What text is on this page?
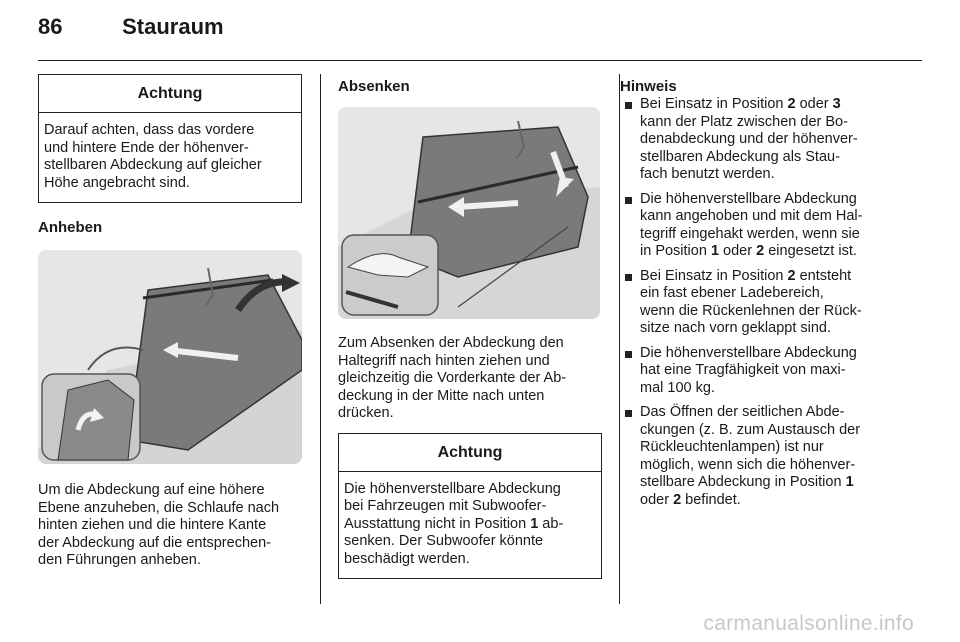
86	Stauraum
Achtung
Darauf achten, dass das vordere
und hintere Ende der höhenver-
stellbaren Abdeckung auf gleicher
Höhe angebracht sind.
Anheben
Um die Abdeckung auf eine höhere
Ebene anzuheben, die Schlaufe nach
hinten ziehen und die hintere Kante
der Abdeckung auf die entsprechen-
den Führungen anheben.
Absenken
Zum Absenken der Abdeckung den
Haltegriff nach hinten ziehen und
gleichzeitig die Vorderkante der Ab-
deckung in der Mitte nach unten
drücken.
Achtung
Die höhenverstellbare Abdeckung
bei Fahrzeugen mit Subwoofer-
Ausstattung nicht in Position 1 ab-
senken. Der Subwoofer könnte
beschädigt werden.
Hinweis
Bei Einsatz in Position 2 oder 3
kann der Platz zwischen der Bo-
denabdeckung und der höhenver-
stellbaren Abdeckung als Stau-
fach benutzt werden.
Die höhenverstellbare Abdeckung
kann angehoben und mit dem Hal-
tegriff eingehakt werden, wenn sie
in Position 1 oder 2 eingesetzt ist.
Bei Einsatz in Position 2 entsteht
ein fast ebener Ladebereich,
wenn die Rückenlehnen der Rück-
sitze nach vorn geklappt sind.
Die höhenverstellbare Abdeckung
hat eine Tragfähigkeit von maxi-
mal 100 kg.
Das Öffnen der seitlichen Abde-
ckungen (z. B. zum Austausch der
Rückleuchtenlampen) ist nur
möglich, wenn sich die höhenver-
stellbare Abdeckung in Position 1
oder 2 befindet.
carmanualsonline.info
